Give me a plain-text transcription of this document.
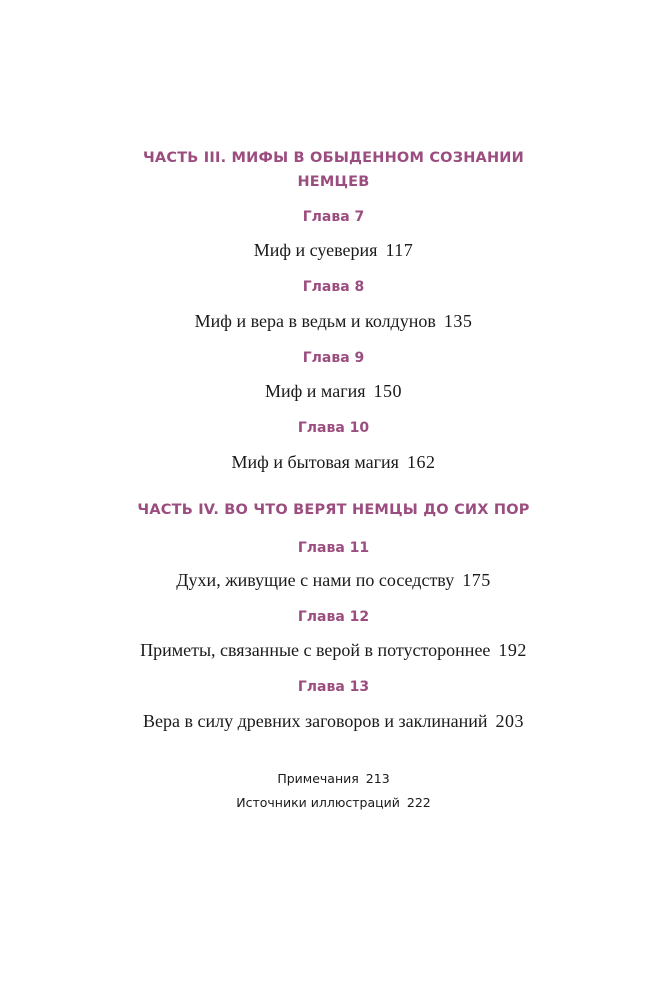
ЧАСТЬ III. МИФЫ В ОБЫДЕННОМ СОЗНАНИИ
НЕМЦЕВ
Глава 7
Миф и суеверия 117
Глава 8
Миф и вера в ведьм и колдунов 135
Глава 9
Миф и магия 150
Глава 10
Миф и бытовая магия 162
ЧАСТЬ IV. ВО ЧТО ВЕРЯТ НЕМЦЫ ДО СИХ ПОР
Глава 11
Духи, живущие с нами по соседству 175
Глава 12
Приметы, связанные с верой в потустороннее 192
Глава 13
Вера в силу древних заговоров и заклинаний 203
Примечания 213
Источники иллюстраций 222
